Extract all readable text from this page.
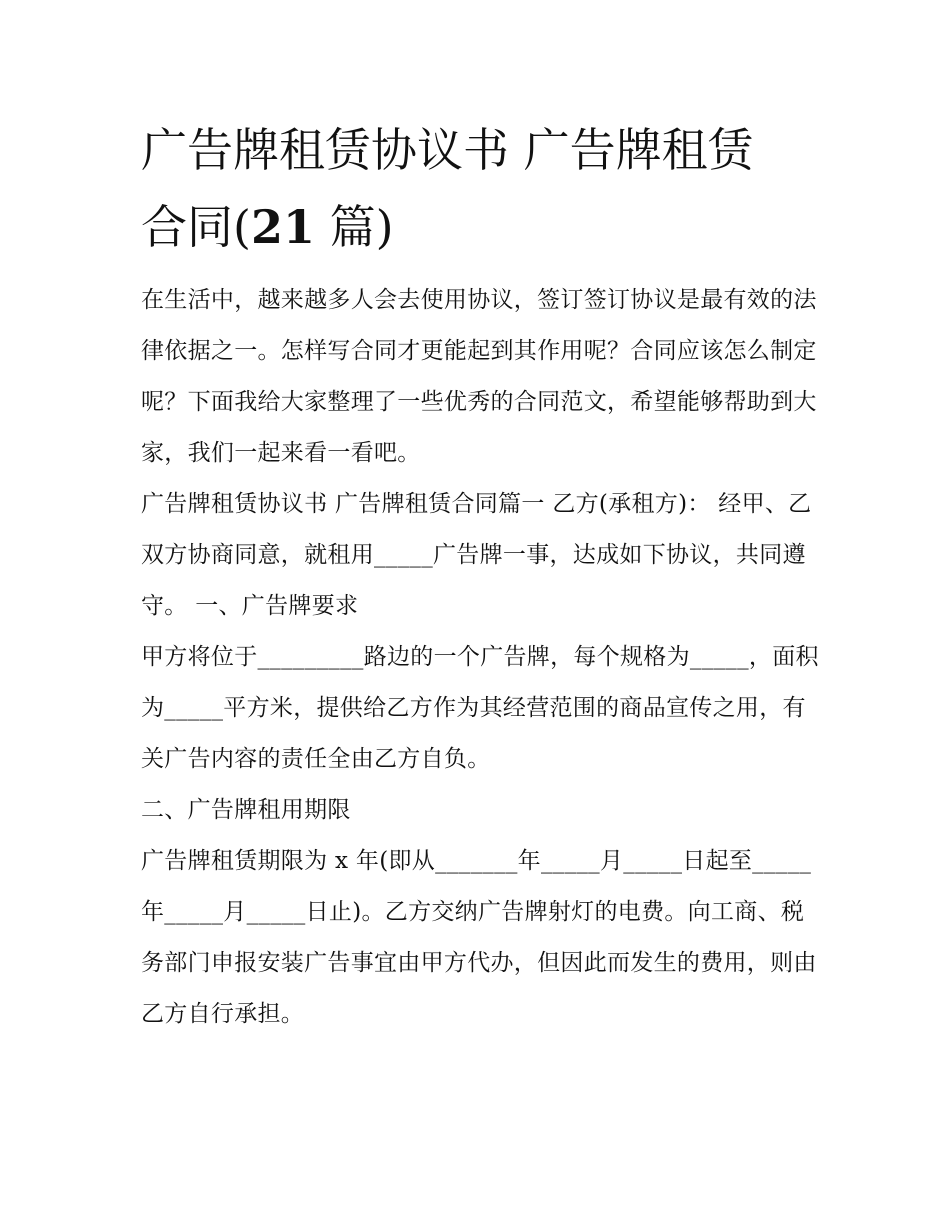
广告牌租赁协议书 广告牌租赁
合同(21 篇)

在生活中，越来越多人会去使用协议，签订签订协议是最有效的法律依据之一。怎样写合同才更能起到其作用呢？合同应该怎么制定呢？下面我给大家整理了一些优秀的合同范文，希望能够帮助到大家，我们一起来看一看吧。

广告牌租赁协议书 广告牌租赁合同篇一 乙方(承租方)： 经甲、乙双方协商同意，就租用_____广告牌一事，达成如下协议，共同遵守。 一、广告牌要求

甲方将位于_________路边的一个广告牌，每个规格为_____，面积为_____平方米，提供给乙方作为其经营范围的商品宣传之用，有关广告内容的责任全由乙方自负。

二、广告牌租用期限

广告牌租赁期限为 x 年(即从_______年_____月_____日起至_____年_____月_____日止)。乙方交纳广告牌射灯的电费。向工商、税务部门申报安装广告事宜由甲方代办，但因此而发生的费用，则由乙方自行承担。
